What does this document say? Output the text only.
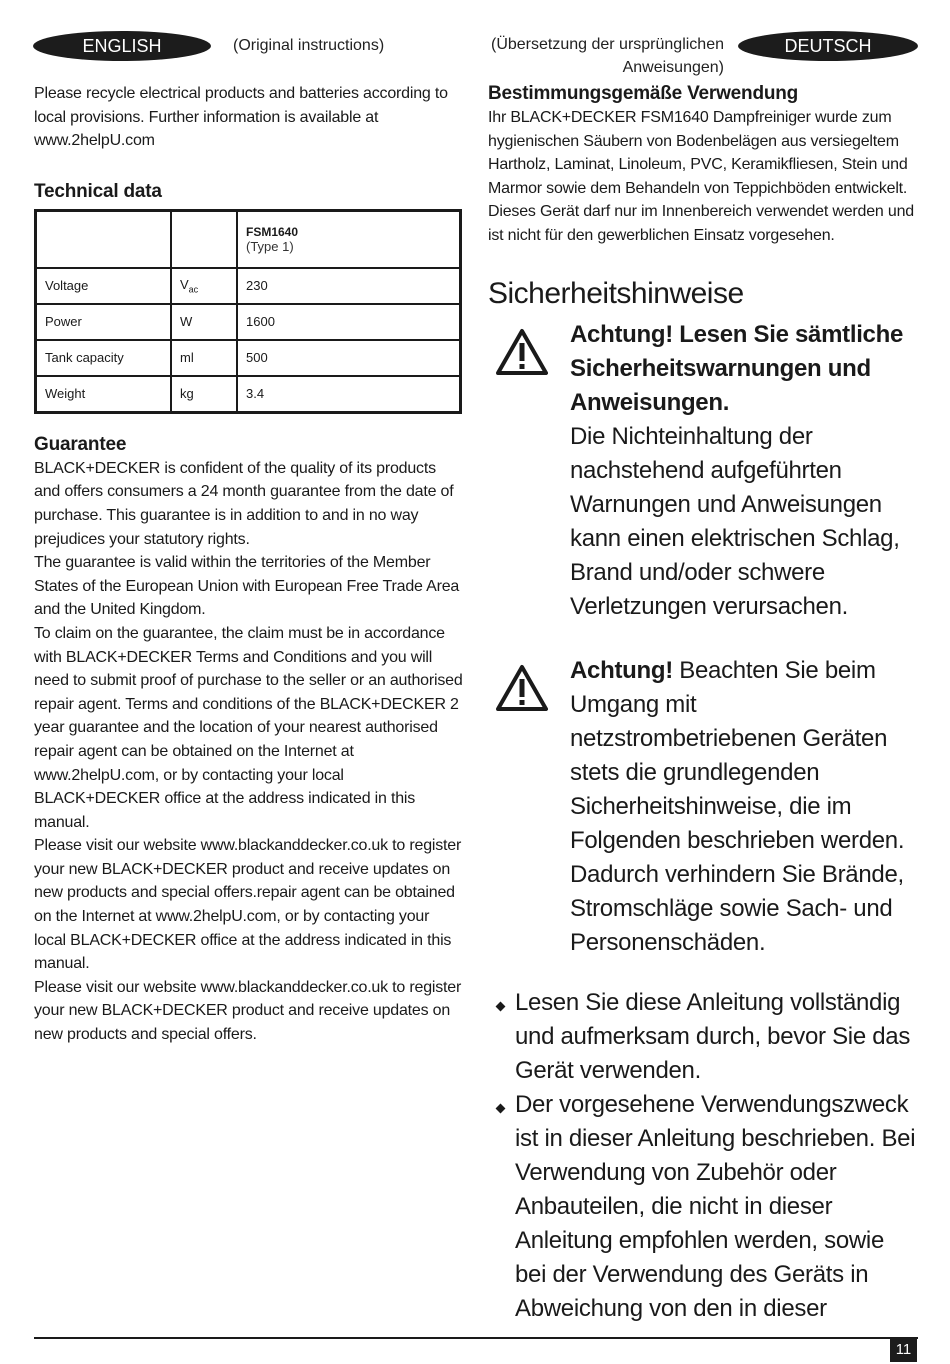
ENGLISH	(Original instructions)	(Übersetzung der ursprünglichen Anweisungen)
DEUTSCH

Please recycle electrical products and batteries according to local provisions. Further information is available at www.2helpU.com

Technical data

		FSM1640
(Type 1)

Voltage	$V_{ac}$	230
Power	W	1600
Tank capacity	ml	500
Weight	kg	3.4
Guarantee

BLACK+DECKER is confident of the quality of its products and offers consumers a 24 month guarantee from the date of purchase. This guarantee is in addition to and in no way prejudices your statutory rights.

The guarantee is valid within the territories of the Member States of the European Union with European Free Trade Area and the United Kingdom.

To claim on the guarantee, the claim must be in accordance with BLACK+DECKER Terms and Conditions and you will need to submit proof of purchase to the seller or an authorised repair agent. Terms and conditions of the BLACK+DECKER 2 year guarantee and the location of your nearest authorised repair agent can be obtained on the Internet at www.2helpU.com, or by contacting your local BLACK+DECKER office at the address indicated in this manual.

Please visit our website www.blackanddecker.co.uk to register your new BLACK+DECKER product and receive updates on new products and special offers.repair agent can be obtained on the Internet at www.2helpU.com, or by contacting your local BLACK+DECKER office at the address indicated in this manual.

Please visit our website www.blackanddecker.co.uk to register your new BLACK+DECKER product and receive updates on new products and special offers.

Bestimmungsgemäße Verwendung

Ihr BLACK+DECKER FSM1640 Dampfreiniger wurde zum hygienischen Säubern von Bodenbelägen aus versiegeltem Hartholz, Laminat, Linoleum, PVC, Keramikfliesen, Stein und Marmor sowie dem Behandeln von Teppichböden entwickelt. Dieses Gerät darf nur im Innenbereich verwendet werden und ist nicht für den gewerblichen Einsatz vorgesehen.

Sicherheitshinweise

Achtung! Lesen Sie sämtliche Sicherheitswarnungen und Anweisungen.

Die Nichteinhaltung der nachstehend aufgeführten Warnungen und Anweisungen kann einen elektrischen Schlag, Brand und/oder schwere Verletzungen verursachen.

Achtung! Beachten Sie beim Umgang mit netzstrombetriebenen Geräten stets die grundlegenden Sicherheitshinweise, die im Folgenden beschrieben werden. Dadurch verhindern Sie Brände, Stromschläge sowie Sach- und Personenschäden.

Lesen Sie diese Anleitung vollständig und aufmerksam durch, bevor Sie das Gerät verwenden.
Der vorgesehene Verwendungszweck ist in dieser Anleitung beschrieben. Bei Verwendung von Zubehör oder Anbauteilen, die nicht in dieser Anleitung empfohlen werden, sowie bei der Verwendung des Geräts in Abweichung von den in dieser
11
